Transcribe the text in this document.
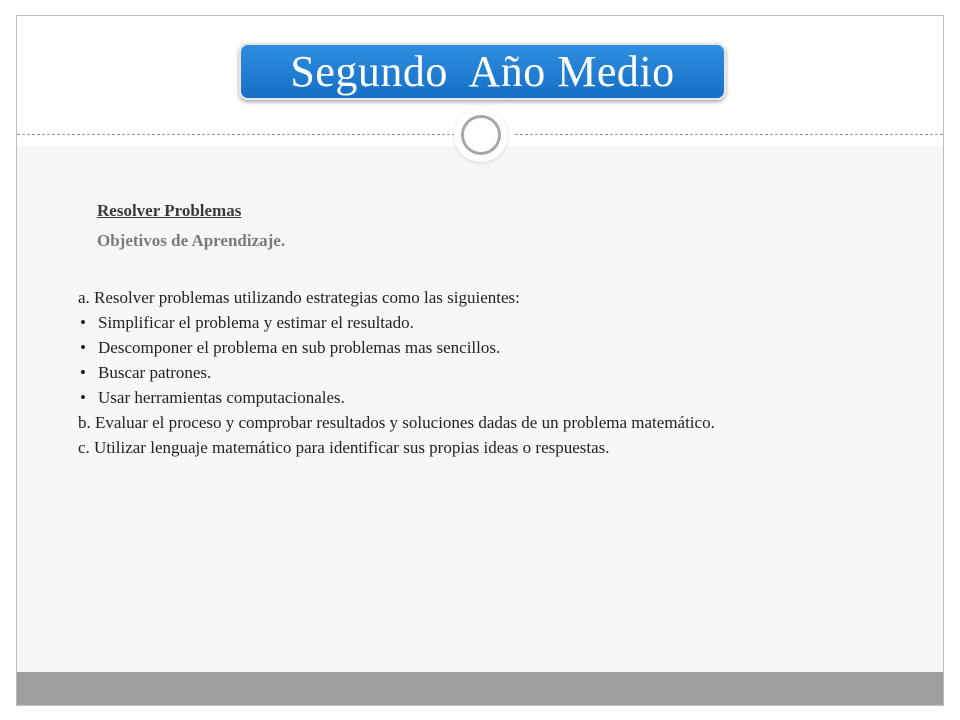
Segundo  Año Medio
Resolver Problemas
Objetivos de Aprendizaje.
a. Resolver problemas utilizando estrategias como las siguientes:
• Simplificar el problema y estimar el resultado.
• Descomponer el problema en sub problemas mas sencillos.
• Buscar patrones.
• Usar herramientas computacionales.
b. Evaluar el proceso y comprobar resultados y soluciones dadas de un problema matemático.
c. Utilizar lenguaje matemático para identificar sus propias ideas o respuestas.
